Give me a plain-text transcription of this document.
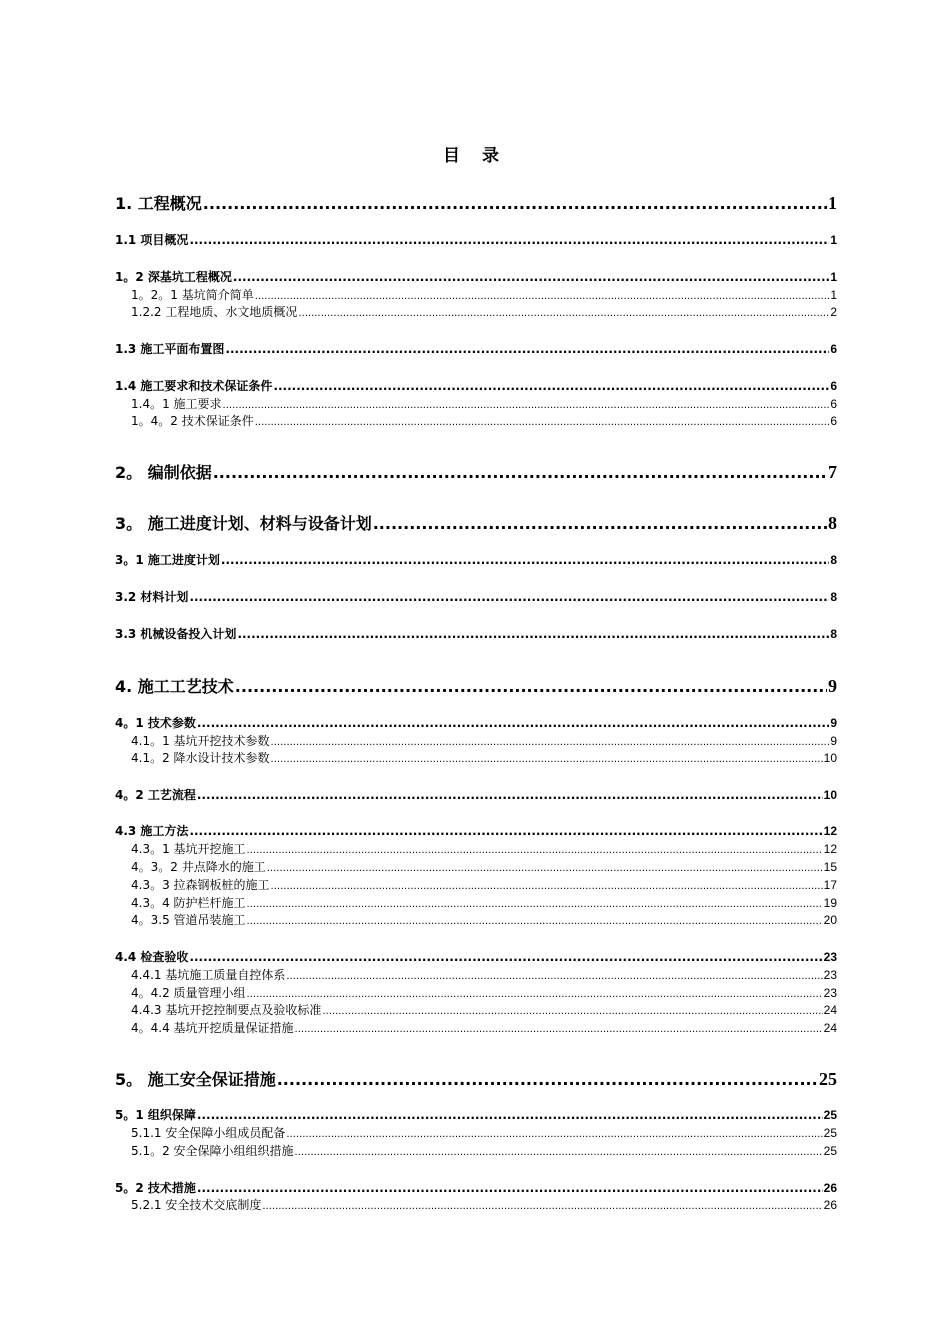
目 录
1. 工程概况 .....	1
1.1 项目概况 .....	1
1。2 深基坑工程概况 .....	1
1。2。1 基坑简介简单 .....	1
1.2.2 工程地质、水文地质概况 .....	2
1.3 施工平面布置图 .....	6
1.4 施工要求和技术保证条件 .....	6
1.4。1 施工要求 .....	6
1。4。2 技术保证条件 .....	6
2。 编制依据 .....	7
3。 施工进度计划、材料与设备计划 .....	8
3。1 施工进度计划 .....	8
3.2 材料计划 .....	8
3.3 机械设备投入计划 .....	8
4. 施工工艺技术 .....	9
4。1 技术参数 .....	9
4.1。1 基坑开挖技术参数 .....	9
4.1。2 降水设计技术参数 .....	10
4。2 工艺流程 .....	10
4.3 施工方法 .....	12
4.3。1 基坑开挖施工 .....	12
4。3。2 井点降水的施工 .....	15
4.3。3 拉森钢板桩的施工 .....	17
4.3。4 防护栏杆施工 .....	19
4。3.5 管道吊装施工 .....	20
4.4 检查验收 .....	23
4.4.1 基坑施工质量自控体系 .....	23
4。4.2 质量管理小组 .....	23
4.4.3 基坑开挖控制要点及验收标准 .....	24
4。4.4 基坑开挖质量保证措施 .....	24
5。 施工安全保证措施 .....	25
5。1 组织保障 .....	25
5.1.1 安全保障小组成员配备 .....	25
5.1。2 安全保障小组组织措施 .....	25
5。2 技术措施 .....	26
5.2.1 安全技术交底制度 .....	26
